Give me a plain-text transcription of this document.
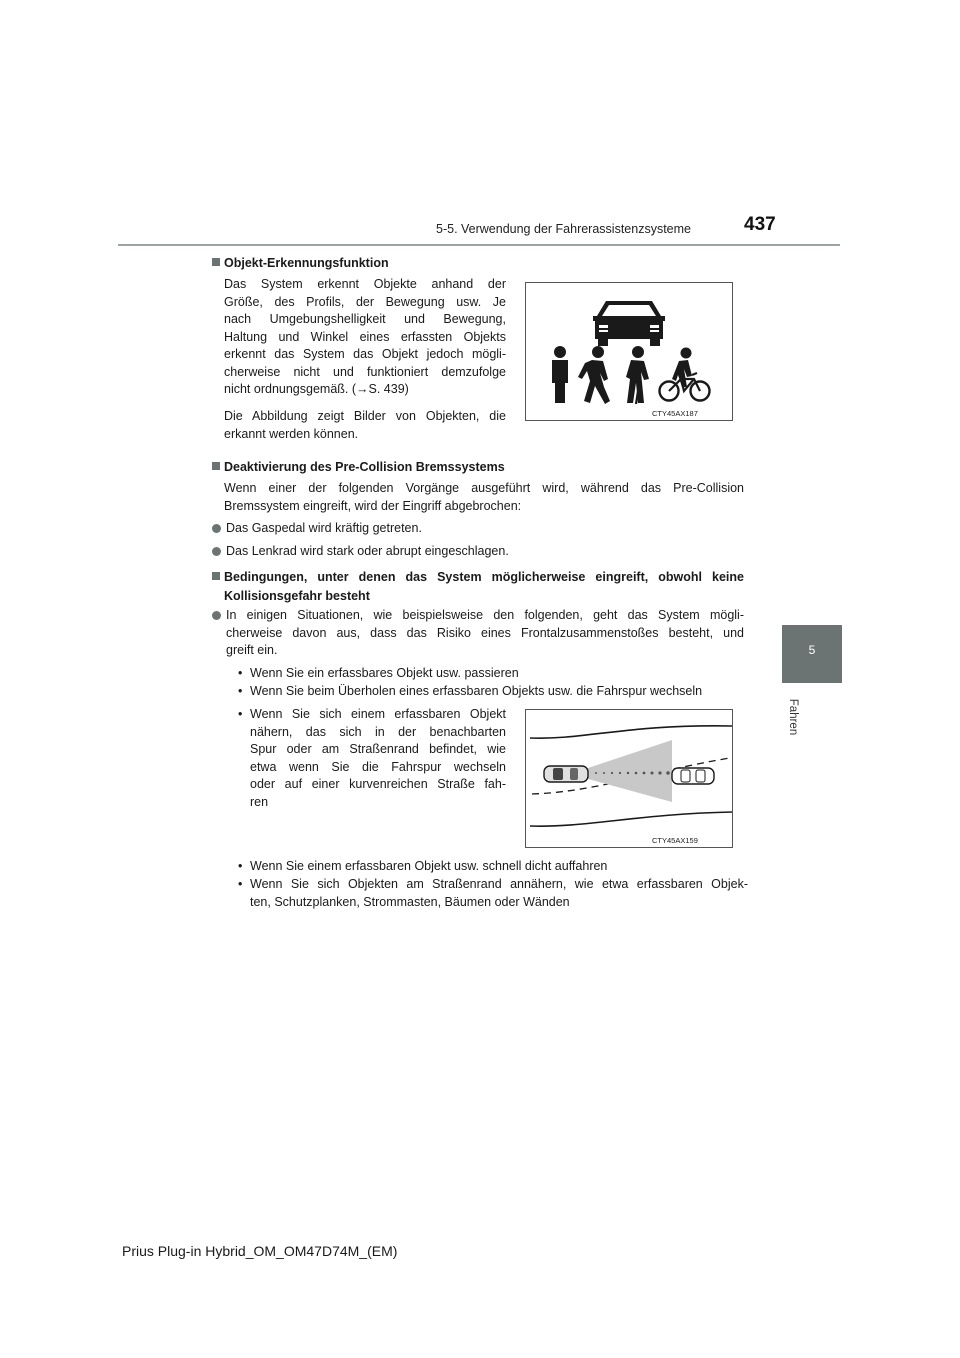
5-5. Verwendung der Fahrerassistenzsysteme	437
5
Fahren
Objekt-Erkennungsfunktion
Das System erkennt Objekte anhand der
Größe, des Profils, der Bewegung usw. Je
nach Umgebungshelligkeit und Bewegung,
Haltung und Winkel eines erfassten Objekts
erkennt das System das Objekt jedoch mögli-
cherweise nicht und funktioniert demzufolge
nicht ordnungsgemäß. (→S. 439)
Die Abbildung zeigt Bilder von Objekten, die
erkannt werden können.
CTY45AX187
Deaktivierung des Pre-Collision Bremssystems
Wenn einer der folgenden Vorgänge ausgeführt wird, während das Pre-Collision
Bremssystem eingreift, wird der Eingriff abgebrochen:
Das Gaspedal wird kräftig getreten.
Das Lenkrad wird stark oder abrupt eingeschlagen.
Bedingungen, unter denen das System möglicherweise eingreift, obwohl keine
Kollisionsgefahr besteht
In einigen Situationen, wie beispielsweise den folgenden, geht das System mögli-
cherweise davon aus, dass das Risiko eines Frontalzusammenstoßes besteht, und
greift ein.
• Wenn Sie ein erfassbares Objekt usw. passieren
• Wenn Sie beim Überholen eines erfassbaren Objekts usw. die Fahrspur wechseln
• Wenn Sie sich einem erfassbaren Objekt
nähern, das sich in der benachbarten
Spur oder am Straßenrand befindet, wie
etwa wenn Sie die Fahrspur wechseln
oder auf einer kurvenreichen Straße fah-
ren
CTY45AX159
• Wenn Sie einem erfassbaren Objekt usw. schnell dicht auffahren
• Wenn Sie sich Objekten am Straßenrand annähern, wie etwa erfassbaren Objek-
ten, Schutzplanken, Strommasten, Bäumen oder Wänden
Prius Plug-in Hybrid_OM_OM47D74M_(EM)
